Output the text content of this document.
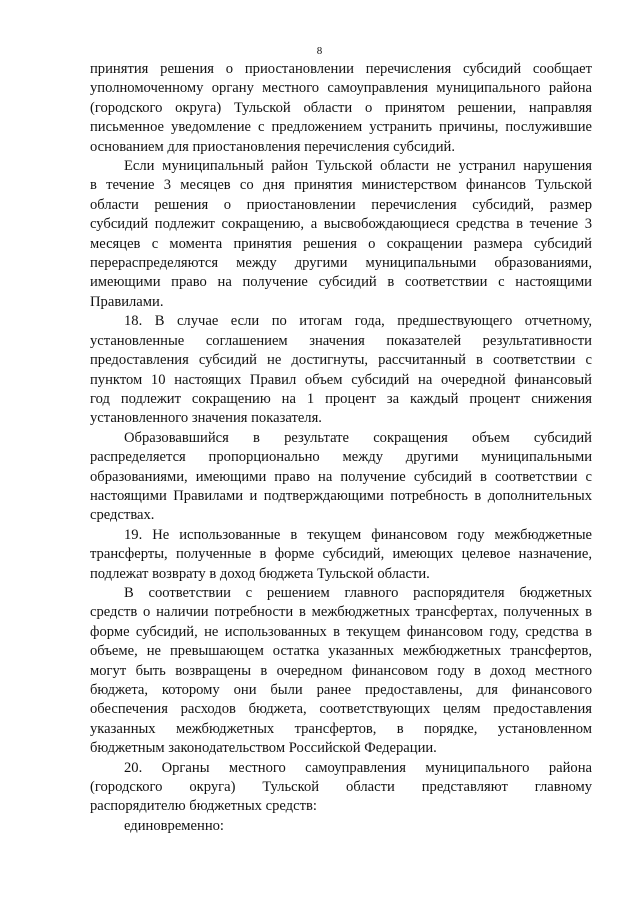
8
принятия решения о приостановлении перечисления субсидий сообщает
уполномоченному органу местного самоуправления муниципального района
(городского округа) Тульской области о принятом решении, направляя
письменное уведомление с предложением устранить причины, послужившие
основанием для приостановления перечисления субсидий.
Если муниципальный район Тульской области не устранил нарушения
в течение 3 месяцев со дня принятия министерством финансов Тульской
области решения о приостановлении перечисления субсидий, размер
субсидий подлежит сокращению, а высвобождающиеся средства в течение 3
месяцев с момента принятия решения о сокращении размера субсидий
перераспределяются между другими муниципальными образованиями,
имеющими право на получение субсидий в соответствии с настоящими
Правилами.
18. В случае если по итогам года, предшествующего отчетному,
установленные соглашением значения показателей результативности
предоставления субсидий не достигнуты, рассчитанный в соответствии с
пунктом 10 настоящих Правил объем субсидий на очередной финансовый
год подлежит сокращению на 1 процент за каждый процент снижения
установленного значения показателя.
Образовавшийся в результате сокращения объем субсидий
распределяется пропорционально между другими муниципальными
образованиями, имеющими право на получение субсидий в соответствии с
настоящими Правилами и подтверждающими потребность в дополнительных
средствах.
19. Не использованные в текущем финансовом году межбюджетные
трансферты, полученные в форме субсидий, имеющих целевое назначение,
подлежат возврату в доход бюджета Тульской области.
В соответствии с решением главного распорядителя бюджетных
средств о наличии потребности в межбюджетных трансфертах, полученных в
форме субсидий, не использованных в текущем финансовом году, средства в
объеме, не превышающем остатка указанных межбюджетных трансфертов,
могут быть возвращены в очередном финансовом году в доход местного
бюджета, которому они были ранее предоставлены, для финансового
обеспечения расходов бюджета, соответствующих целям предоставления
указанных межбюджетных трансфертов, в порядке, установленном
бюджетным законодательством Российской Федерации.
20. Органы местного самоуправления муниципального района
(городского округа) Тульской области представляют главному
распорядителю бюджетных средств:
единовременно:
